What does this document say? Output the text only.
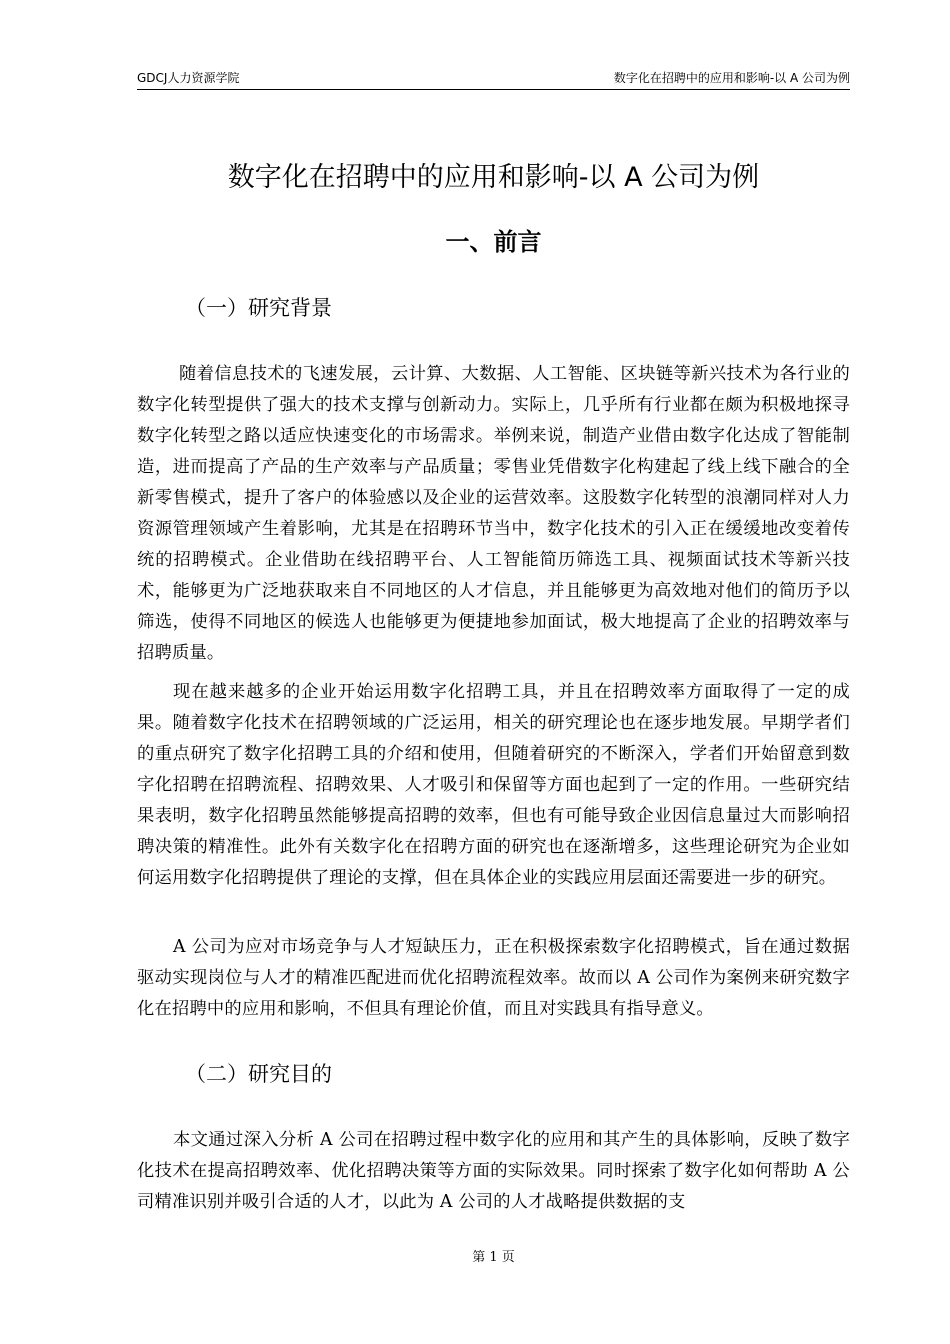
GDCJ人力资源学院	数字化在招聘中的应用和影响-以 A 公司为例
数字化在招聘中的应用和影响-以 A 公司为例
一、前言
（一）研究背景

随着信息技术的飞速发展，云计算、大数据、人工智能、区块链等新兴技术为各行业的数字化转型提供了强大的技术支撑与创新动力。实际上，几乎所有行业都在颇为积极地探寻数字化转型之路以适应快速变化的市场需求。举例来说，制造产业借由数字化达成了智能制造，进而提高了产品的生产效率与产品质量；零售业凭借数字化构建起了线上线下融合的全新零售模式，提升了客户的体验感以及企业的运营效率。这股数字化转型的浪潮同样对人力资源管理领域产生着影响，尤其是在招聘环节当中，数字化技术的引入正在缓缓地改变着传统的招聘模式。企业借助在线招聘平台、人工智能简历筛选工具、视频面试技术等新兴技术，能够更为广泛地获取来自不同地区的人才信息，并且能够更为高效地对他们的简历予以筛选，使得不同地区的候选人也能够更为便捷地参加面试，极大地提高了企业的招聘效率与招聘质量。

现在越来越多的企业开始运用数字化招聘工具，并且在招聘效率方面取得了一定的成果。随着数字化技术在招聘领域的广泛运用，相关的研究理论也在逐步地发展。早期学者们的重点研究了数字化招聘工具的介绍和使用，但随着研究的不断深入，学者们开始留意到数字化招聘在招聘流程、招聘效果、人才吸引和保留等方面也起到了一定的作用。一些研究结果表明，数字化招聘虽然能够提高招聘的效率，但也有可能导致企业因信息量过大而影响招聘决策的精准性。此外有关数字化在招聘方面的研究也在逐渐增多，这些理论研究为企业如何运用数字化招聘提供了理论的支撑，但在具体企业的实践应用层面还需要进一步的研究。

A 公司为应对市场竞争与人才短缺压力，正在积极探索数字化招聘模式，旨在通过数据驱动实现岗位与人才的精准匹配进而优化招聘流程效率。故而以 A 公司作为案例来研究数字化在招聘中的应用和影响，不但具有理论价值，而且对实践具有指导意义。

（二）研究目的

本文通过深入分析 A 公司在招聘过程中数字化的应用和其产生的具体影响，反映了数字化技术在提高招聘效率、优化招聘决策等方面的实际效果。同时探索了数字化如何帮助 A 公司精准识别并吸引合适的人才，以此为 A 公司的人才战略提供数据的支

第 1 页
